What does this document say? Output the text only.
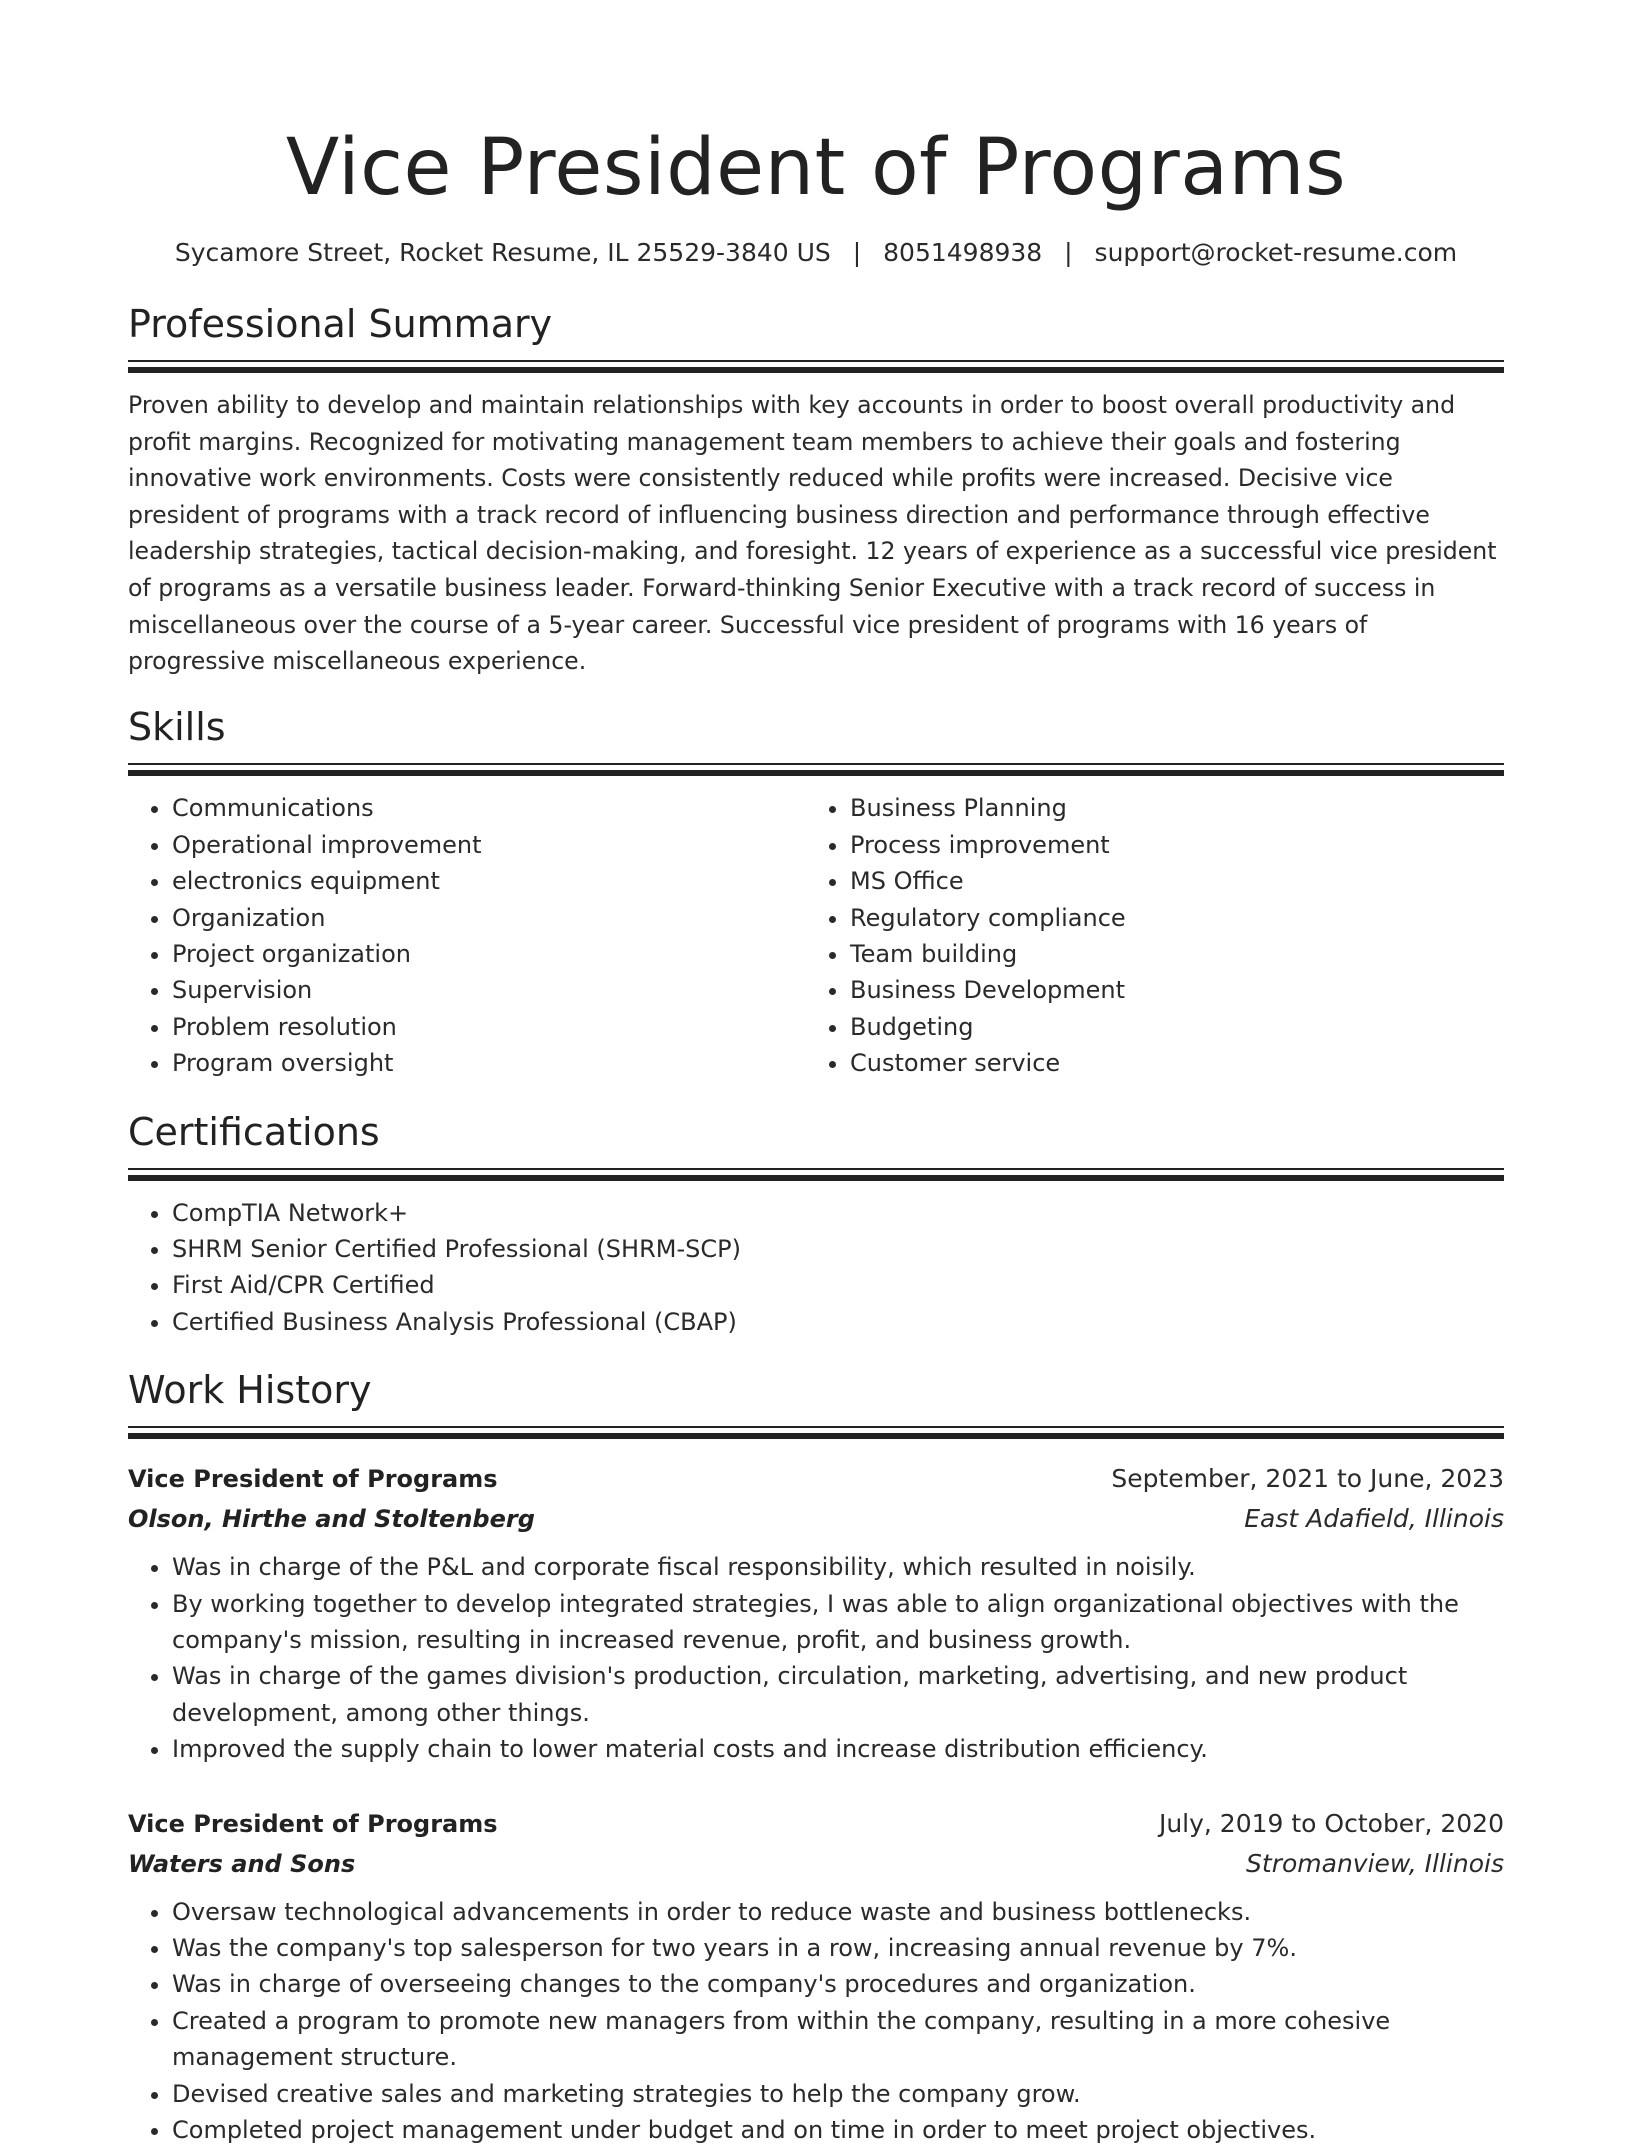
Vice President of Programs
Sycamore Street, Rocket Resume, IL 25529-3840 US | 8051498938 | support@rocket-resume.com
Professional Summary

Proven ability to develop and maintain relationships with key accounts in order to boost overall productivity and profit margins. Recognized for motivating management team members to achieve their goals and fostering innovative work environments. Costs were consistently reduced while profits were increased. Decisive vice president of programs with a track record of influencing business direction and performance through effective leadership strategies, tactical decision-making, and foresight. 12 years of experience as a successful vice president of programs as a versatile business leader. Forward-thinking Senior Executive with a track record of success in miscellaneous over the course of a 5-year career. Successful vice president of programs with 16 years of progressive miscellaneous experience.

Skills
• Communications
• Operational improvement
• electronics equipment
• Organization
• Project organization
• Supervision
• Problem resolution
• Program oversight
• Business Planning
• Process improvement
• MS Office
• Regulatory compliance
• Team building
• Business Development
• Budgeting
• Customer service
Certifications
• CompTIA Network+
• SHRM Senior Certified Professional (SHRM-SCP)
• First Aid/CPR Certified
• Certified Business Analysis Professional (CBAP)
Work History
Vice President of Programs	September, 2021 to June, 2023
Olson, Hirthe and Stoltenberg	East Adafield, Illinois
• Was in charge of the P&L and corporate fiscal responsibility, which resulted in noisily.
• By working together to develop integrated strategies, I was able to align organizational objectives with the company's mission, resulting in increased revenue, profit, and business growth.
• Was in charge of the games division's production, circulation, marketing, advertising, and new product development, among other things.
• Improved the supply chain to lower material costs and increase distribution efficiency.
Vice President of Programs	July, 2019 to October, 2020
Waters and Sons	Stromanview, Illinois
• Oversaw technological advancements in order to reduce waste and business bottlenecks.
• Was the company's top salesperson for two years in a row, increasing annual revenue by 7%.
• Was in charge of overseeing changes to the company's procedures and organization.
• Created a program to promote new managers from within the company, resulting in a more cohesive management structure.
• Devised creative sales and marketing strategies to help the company grow.
• Completed project management under budget and on time in order to meet project objectives.
